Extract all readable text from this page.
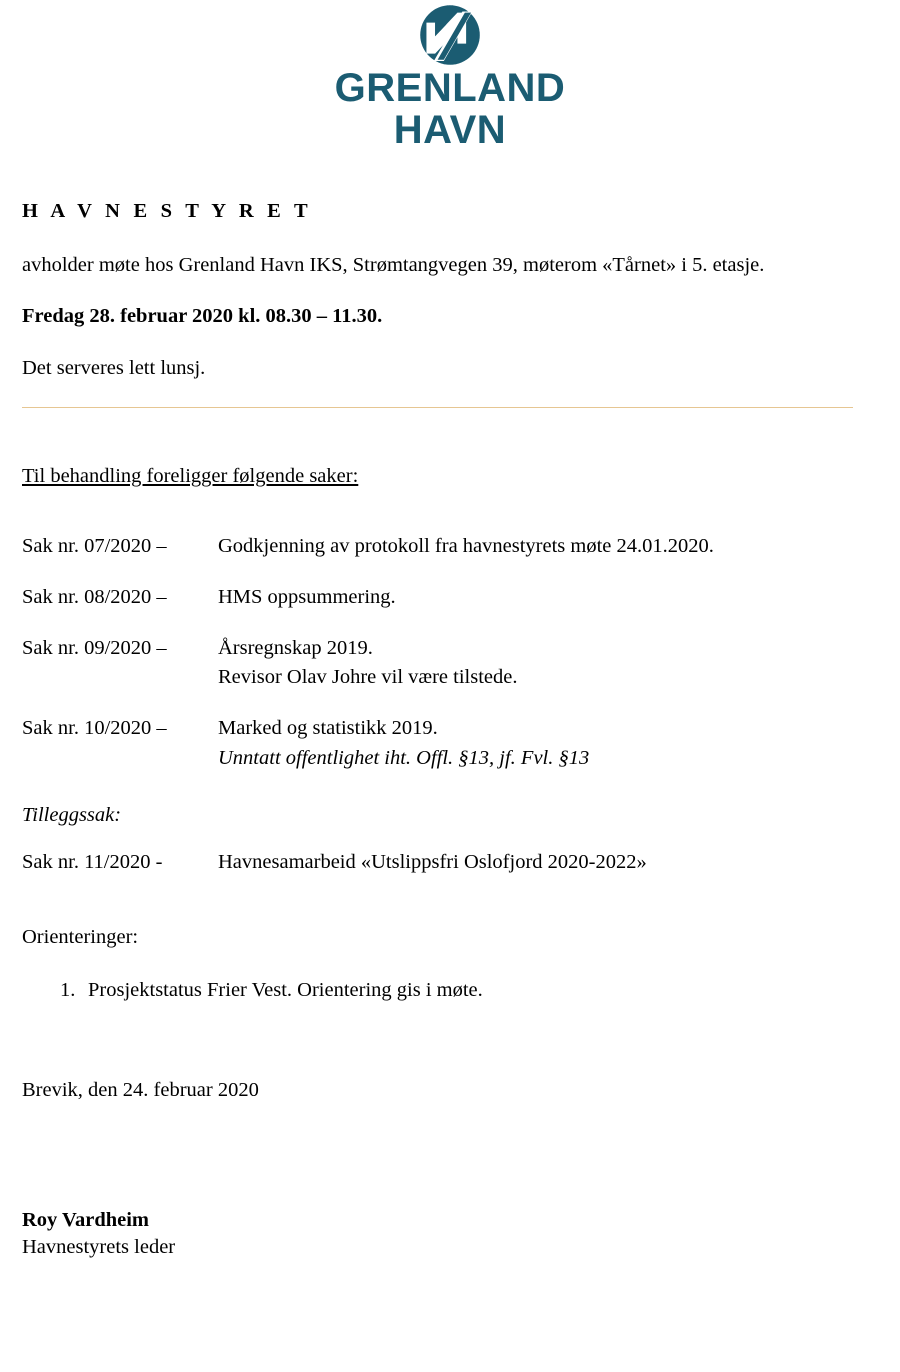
GRENLAND
HAVN
H A V N E S T Y R E T

avholder møte hos Grenland Havn IKS, Strømtangvegen 39, møterom «Tårnet» i 5. etasje.

Fredag 28. februar 2020 kl. 08.30 – 11.30.

Det serveres lett lunsj.

Til behandling foreligger følgende saker:
Sak nr. 07/2020 –	Godkjenning av protokoll fra havnestyrets møte 24.01.2020.
Sak nr. 08/2020 –	HMS oppsummering.
Sak nr. 09/2020 –	Årsregnskap 2019.
Revisor Olav Johre vil være tilstede.
Sak nr. 10/2020 –	Marked og statistikk 2019.
Unntatt offentlighet iht. Offl. §13, jf. Fvl. §13
Tilleggssak:
Sak nr. 11/2020 -	Havnesamarbeid «Utslippsfri Oslofjord 2020-2022»
Orienteringer:
1. Prosjektstatus Frier Vest. Orientering gis i møte.
Brevik, den 24. februar 2020
Roy Vardheim
Havnestyrets leder
